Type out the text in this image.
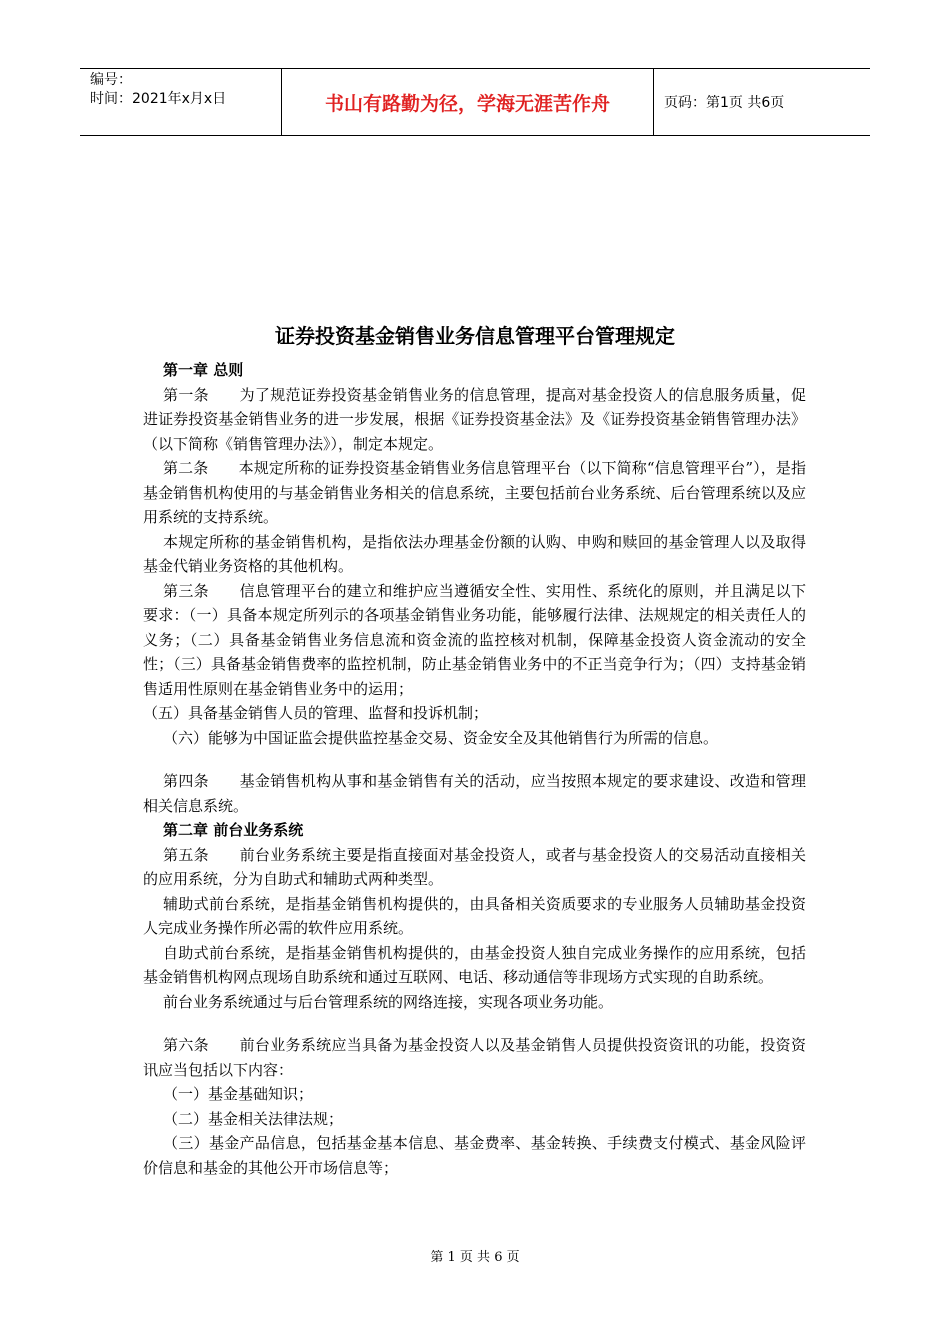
编号：
时间：2021年x月x日	书山有路勤为径，学海无涯苦作舟	页码：第1页 共6页
证券投资基金销售业务信息管理平台管理规定

第一章 总则

第一条　　为了规范证券投资基金销售业务的信息管理，提高对基金投资人的信息服务质量，促进证券投资基金销售业务的进一步发展，根据《证券投资基金法》及《证券投资基金销售管理办法》（以下简称《销售管理办法》），制定本规定。

第二条　　本规定所称的证券投资基金销售业务信息管理平台（以下简称“信息管理平台”），是指基金销售机构使用的与基金销售业务相关的信息系统，主要包括前台业务系统、后台管理系统以及应用系统的支持系统。

本规定所称的基金销售机构，是指依法办理基金份额的认购、申购和赎回的基金管理人以及取得基金代销业务资格的其他机构。

第三条　　信息管理平台的建立和维护应当遵循安全性、实用性、系统化的原则，并且满足以下要求：（一）具备本规定所列示的各项基金销售业务功能，能够履行法律、法规规定的相关责任人的义务；（二）具备基金销售业务信息流和资金流的监控核对机制，保障基金投资人资金流动的安全性；（三）具备基金销售费率的监控机制，防止基金销售业务中的不正当竞争行为；（四）支持基金销售适用性原则在基金销售业务中的运用；

（五）具备基金销售人员的管理、监督和投诉机制；

（六）能够为中国证监会提供监控基金交易、资金安全及其他销售行为所需的信息。

第四条　　基金销售机构从事和基金销售有关的活动，应当按照本规定的要求建设、改造和管理相关信息系统。

第二章 前台业务系统

第五条　　前台业务系统主要是指直接面对基金投资人，或者与基金投资人的交易活动直接相关的应用系统，分为自助式和辅助式两种类型。

辅助式前台系统，是指基金销售机构提供的，由具备相关资质要求的专业服务人员辅助基金投资人完成业务操作所必需的软件应用系统。

自助式前台系统，是指基金销售机构提供的，由基金投资人独自完成业务操作的应用系统，包括基金销售机构网点现场自助系统和通过互联网、电话、移动通信等非现场方式实现的自助系统。

前台业务系统通过与后台管理系统的网络连接，实现各项业务功能。

第六条　　前台业务系统应当具备为基金投资人以及基金销售人员提供投资资讯的功能，投资资讯应当包括以下内容：

（一）基金基础知识；

（二）基金相关法律法规；

（三）基金产品信息，包括基金基本信息、基金费率、基金转换、手续费支付模式、基金风险评价信息和基金的其他公开市场信息等；

第 1 页 共 6 页
